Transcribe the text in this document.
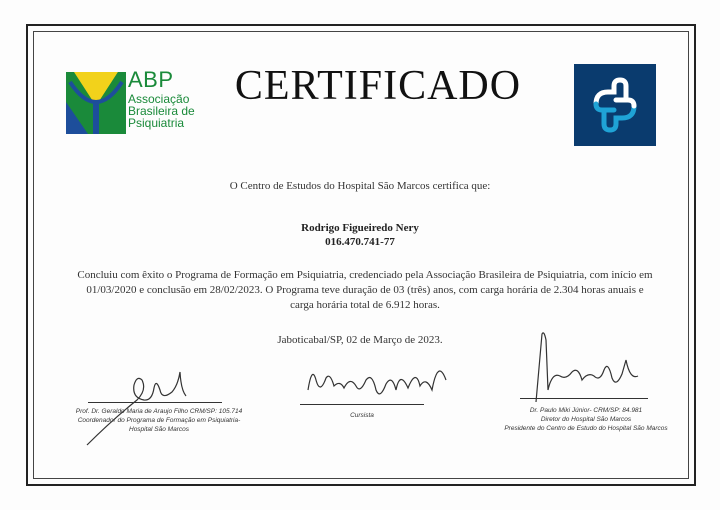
ABP
Associação
Brasileira de
Psiquiatria
CERTIFICADO
O Centro de Estudos do Hospital São Marcos certifica que:
Rodrigo Figueiredo Nery
016.470.741-77
Concluiu com êxito o Programa de Formação em Psiquiatria, credenciado pela Associação Brasileira de Psiquiatria, com início em
01/03/2020 e conclusão em 28/02/2023. O Programa teve duração de 03 (três) anos, com carga horária de 2.304 horas anuais e
carga horária total de 6.912 horas.
Jaboticabal/SP, 02 de Março de 2023.
Prof. Dr. Geraldo Maria de Araujo Filho CRM/SP: 105.714
Coordenador do Programa de Formação em Psiquiatria-
Hospital São Marcos
Cursista
Dr. Paulo Miki Júnior- CRM/SP: 84.981
Diretor do Hospital São Marcos
Presidente do Centro de Estudo do Hospital São Marcos
